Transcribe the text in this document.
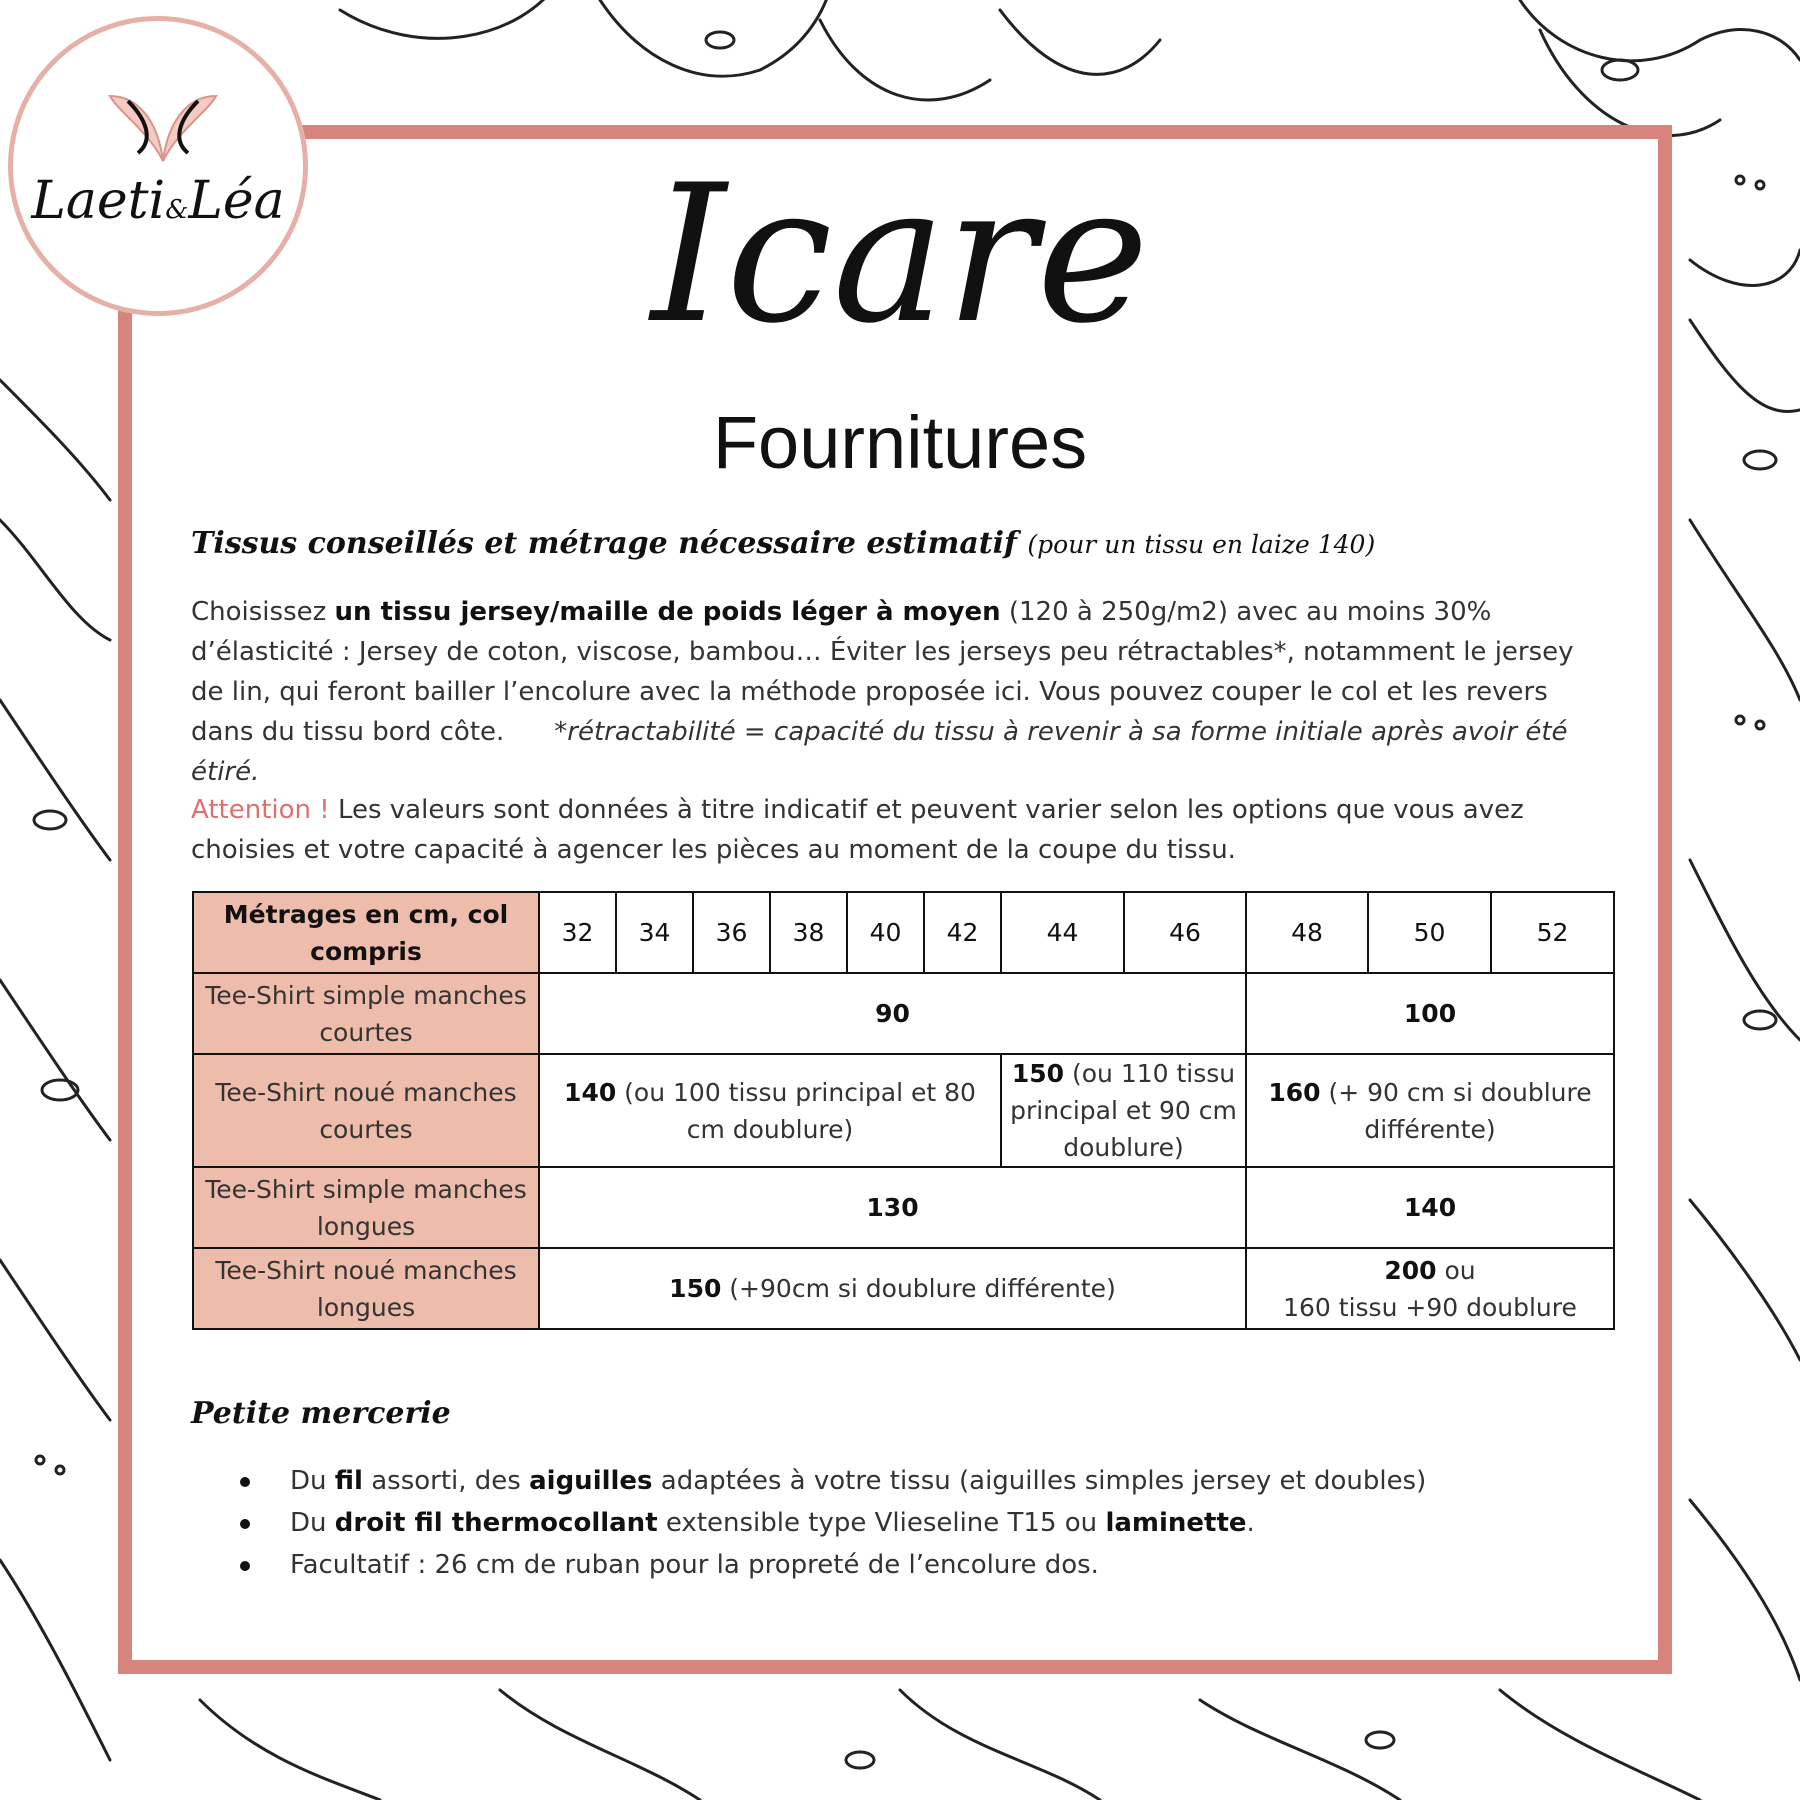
Laeti&Léa	Icare
Fournitures
Tissus conseillés et métrage nécessaire estimatif (pour un tissu en laize 140)
Choisissez un tissu jersey/maille de poids léger à moyen (120 à 250g/m2) avec au moins 30% d’élasticité : Jersey de coton, viscose, bambou… Éviter les jerseys peu rétractables*, notamment le jersey de lin, qui feront bailler l’encolure avec la méthode proposée ici. Vous pouvez couper le col et les revers dans du tissu bord côte. *rétractabilité = capacité du tissu à revenir à sa forme initiale après avoir été étiré.
Attention ! Les valeurs sont données à titre indicatif et peuvent varier selon les options que vous avez choisies et votre capacité à agencer les pièces au moment de la coupe du tissu.
Métrages en cm, col compris	32	34	36	38	40	42	44	46	48	50	52
Tee-Shirt simple manches courtes	90								100		
Tee-Shirt noué manches courtes	140 (ou 100 tissu principal et 80 cm doublure)						150 (ou 110 tissu principal et 90 cm doublure)		160 (+ 90 cm si doublure différente)		
Tee-Shirt simple manches longues	130								140		
Tee-Shirt noué manches longues	150 (+90cm si doublure différente)								200 ou
160 tissu +90 doublure		
Petite mercerie
Du fil assorti, des aiguilles adaptées à votre tissu (aiguilles simples jersey et doubles)
Du droit fil thermocollant extensible type Vlieseline T15 ou laminette.
Facultatif : 26 cm de ruban pour la propreté de l’encolure dos.
